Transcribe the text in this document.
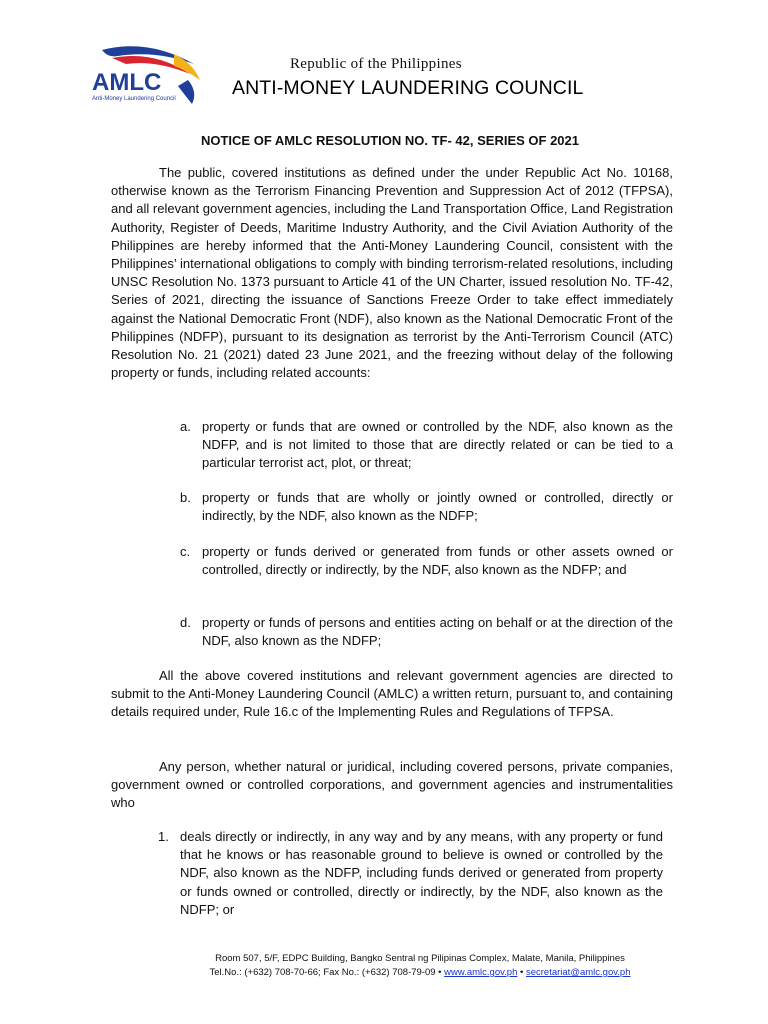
AMLC
Anti-Money Laundering Council
Republic of the Philippines
ANTI-MONEY LAUNDERING COUNCIL
NOTICE OF AMLC RESOLUTION NO. TF- 42, SERIES OF 2021

The public, covered institutions as defined under the under Republic Act No. 10168, otherwise known as the Terrorism Financing Prevention and Suppression Act of 2012 (TFPSA), and all relevant government agencies, including the Land Transportation Office, Land Registration Authority, Register of Deeds, Maritime Industry Authority, and the Civil Aviation Authority of the Philippines are hereby informed that the Anti-Money Laundering Council, consistent with the Philippines’ international obligations to comply with binding terrorism-related resolutions, including UNSC Resolution No. 1373 pursuant to Article 41 of the UN Charter, issued resolution No. TF-42, Series of 2021, directing the issuance of Sanctions Freeze Order to take effect immediately against the National Democratic Front (NDF), also known as the National Democratic Front of the Philippines (NDFP), pursuant to its designation as terrorist by the Anti-Terrorism Council (ATC) Resolution No. 21 (2021) dated 23 June 2021, and the freezing without delay of the following property or funds, including related accounts:

a. property or funds that are owned or controlled by the NDF, also known as the NDFP, and is not limited to those that are directly related or can be tied to a particular terrorist act, plot, or threat;
b. property or funds that are wholly or jointly owned or controlled, directly or indirectly, by the NDF, also known as the NDFP;
c. property or funds derived or generated from funds or other assets owned or controlled, directly or indirectly, by the NDF, also known as the NDFP; and
d. property or funds of persons and entities acting on behalf or at the direction of the NDF, also known as the NDFP;

All the above covered institutions and relevant government agencies are directed to submit to the Anti-Money Laundering Council (AMLC) a written return, pursuant to, and containing details required under, Rule 16.c of the Implementing Rules and Regulations of TFPSA.

Any person, whether natural or juridical, including covered persons, private companies, government owned or controlled corporations, and government agencies and instrumentalities who

1. deals directly or indirectly, in any way and by any means, with any property or fund that he knows or has reasonable ground to believe is owned or controlled by the NDF, also known as the NDFP, including funds derived or generated from property or funds owned or controlled, directly or indirectly, by the NDF, also known as the NDFP; or
Room 507, 5/F, EDPC Building, Bangko Sentral ng Pilipinas Complex, Malate, Manila, Philippines
Tel.No.: (+632) 708-70-66; Fax No.: (+632) 708-79-09 • www.amlc.gov.ph • secretariat@amlc.gov.ph
